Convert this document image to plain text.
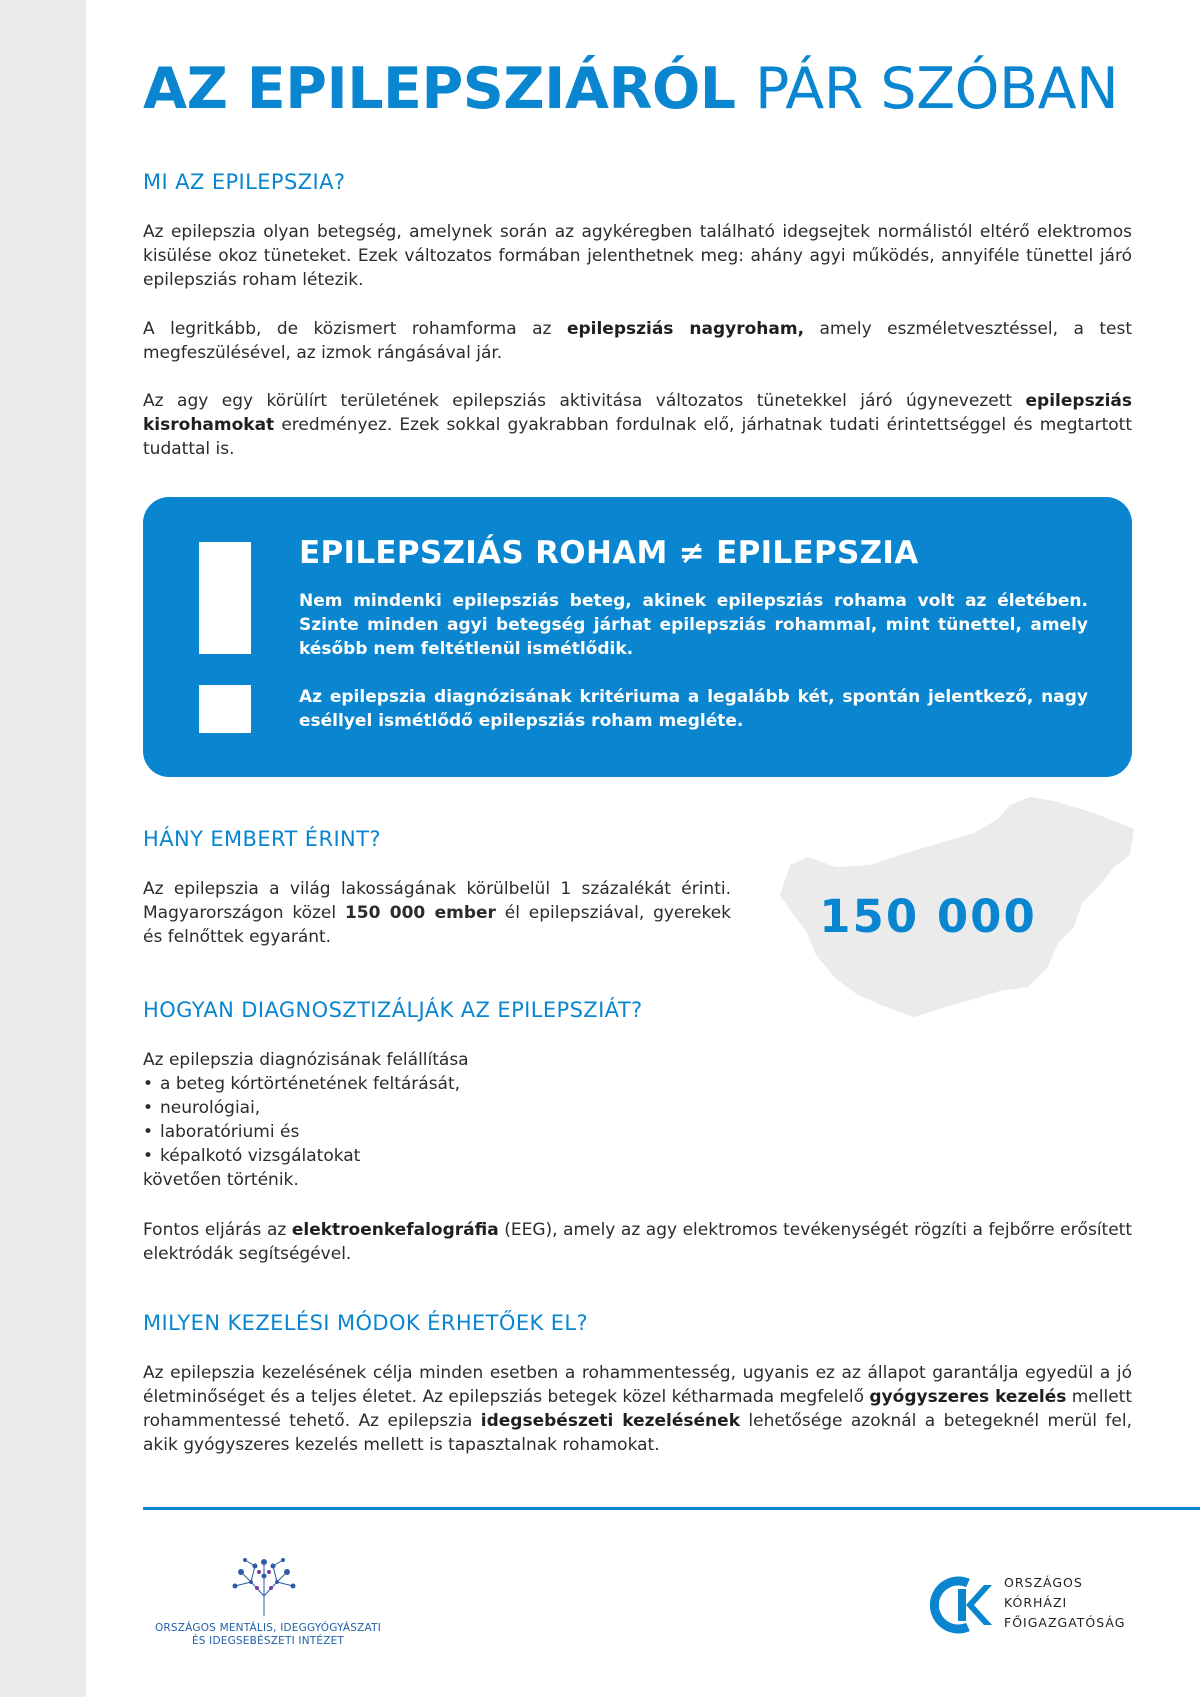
AZ EPILEPSZIÁRÓL PÁR SZÓBAN
MI AZ EPILEPSZIA?

Az epilepszia olyan betegség, amelynek során az agykéregben található idegsejtek normálistól eltérő elektromos kisülése okoz tüneteket. Ezek változatos formában jelenthetnek meg: ahány agyi működés, annyiféle tünettel járó epilepsziás roham létezik.

A legritkább, de közismert rohamforma az epilepsziás nagyroham, amely eszméletvesztéssel, a test megfeszülésével, az izmok rángásával jár.

Az agy egy körülírt területének epilepsziás aktivitása változatos tünetekkel járó úgynevezett epilepsziás kisrohamokat eredményez. Ezek sokkal gyakrabban fordulnak elő, járhatnak tudati érintettséggel és megtartott tudattal is.

EPILEPSZIÁS ROHAM ≠ EPILEPSZIA

Nem mindenki epilepsziás beteg, akinek epilepsziás rohama volt az életében. Szinte minden agyi betegség járhat epilepsziás rohammal, mint tünettel, amely később nem feltétlenül ismétlődik.

Az epilepszia diagnózisának kritériuma a legalább két, spontán jelentkező, nagy eséllyel ismétlődő epilepsziás roham megléte.

HÁNY EMBERT ÉRINT?

Az epilepszia a világ lakosságának körülbelül 1 százalékát érinti. Magyarországon közel 150 000 ember él epilepsziával, gyerekek és felnőttek egyaránt.	150 000

HOGYAN DIAGNOSZTIZÁLJÁK AZ EPILEPSZIÁT?

Az epilepszia diagnózisának felállítása

• a beteg kórtörténetének feltárását,
• neurológiai,
• laboratóriumi és
• képalkotó vizsgálatokat

követően történik.

Fontos eljárás az elektroenkefalográfia (EEG), amely az agy elektromos tevékenységét rögzíti a fejbőrre erősített elektródák segítségével.

MILYEN KEZELÉSI MÓDOK ÉRHETŐEK EL?

Az epilepszia kezelésének célja minden esetben a rohammentesség, ugyanis ez az állapot garantálja egyedül a jó életminőséget és a teljes életet. Az epilepsziás betegek közel kétharmada megfelelő gyógyszeres kezelés mellett rohammentessé tehető. Az epilepszia idegsebészeti kezelésének lehetősége azoknál a betegeknél merül fel, akik gyógyszeres kezelés mellett is tapasztalnak rohamokat.

ORSZÁGOS MENTÁLIS, IDEGGYÓGYÁSZATI
ÉS IDEGSEBÉSZETI INTÉZET

ORSZÁGOS
KÓRHÁZI
FŐIGAZGATÓSÁG
